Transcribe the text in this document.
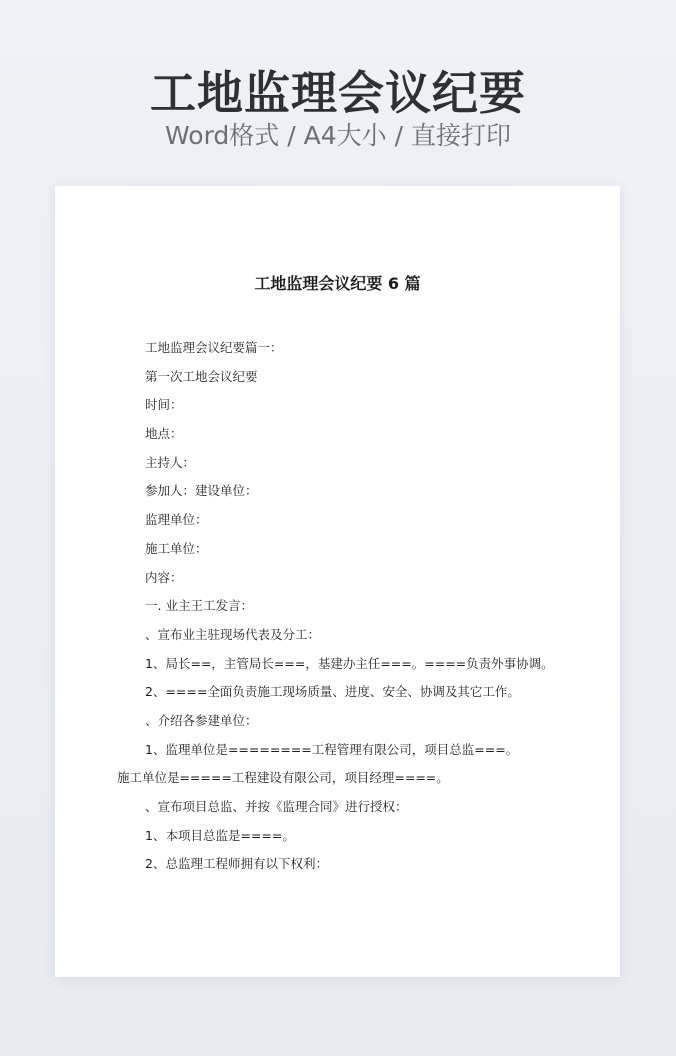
工地监理会议纪要
Word格式 / A4大小 / 直接打印
工地监理会议纪要 6 篇
工地监理会议纪要篇一：
第一次工地会议纪要
时间：
地点：
主持人：
参加人：建设单位：
监理单位：
施工单位：
内容：
一. 业主王工发言：
、宣布业主驻现场代表及分工：
1、局长==，主管局长===，基建办主任===。====负责外事协调。
2、====全面负责施工现场质量、进度、安全、协调及其它工作。
、介绍各参建单位：
1、监理单位是========工程管理有限公司，项目总监===。施工单位是=====工程建设有限公司，项目经理====。
、宣布项目总监、并按《监理合同》进行授权：
1、本项目总监是====。
2、总监理工程师拥有以下权利：
